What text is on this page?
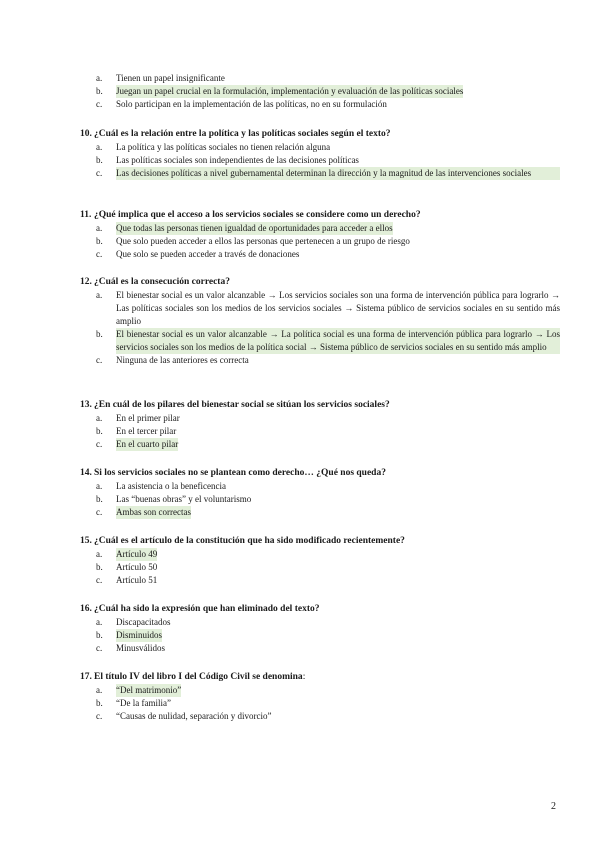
a.	Tienen un papel insignificante
b.	Juegan un papel crucial en la formulación, implementación y evaluación de las políticas sociales
c.	Solo participan en la implementación de las políticas, no en su formulación
10. ¿Cuál es la relación entre la política y las políticas sociales según el texto?
a.	La política y las políticas sociales no tienen relación alguna
b.	Las políticas sociales son independientes de las decisiones políticas
c.	Las decisiones políticas a nivel gubernamental determinan la dirección y la magnitud de las intervenciones sociales
11. ¿Qué implica que el acceso a los servicios sociales se considere como un derecho?
a.	Que todas las personas tienen igualdad de oportunidades para acceder a ellos
b.	Que solo pueden acceder a ellos las personas que pertenecen a un grupo de riesgo
c.	Que solo se pueden acceder a través de donaciones
12. ¿Cuál es la consecución correcta?
a.	El bienestar social es un valor alcanzable → Los servicios sociales son una forma de intervención pública para lograrlo → Las políticas sociales son los medios de los servicios sociales → Sistema público de servicios sociales en su sentido más amplio
b.	El bienestar social es un valor alcanzable → La política social es una forma de intervención pública para lograrlo → Los servicios sociales son los medios de la política social → Sistema público de servicios sociales en su sentido más amplio
c.	Ninguna de las anteriores es correcta
13. ¿En cuál de los pilares del bienestar social se sitúan los servicios sociales?
a.	En el primer pilar
b.	En el tercer pilar
c.	En el cuarto pilar
14. Si los servicios sociales no se plantean como derecho… ¿Qué nos queda?
a.	La asistencia o la beneficencia
b.	Las “buenas obras” y el voluntarismo
c.	Ambas son correctas
15. ¿Cuál es el artículo de la constitución que ha sido modificado recientemente?
a.	Artículo 49
b.	Artículo 50
c.	Artículo 51
16. ¿Cuál ha sido la expresión que han eliminado del texto?
a.	Discapacitados
b.	Disminuidos
c.	Minusválidos
17. El título IV del libro I del Código Civil se denomina:
a.	“Del matrimonio”
b.	“De la familia”
c.	“Causas de nulidad, separación y divorcio”
2
